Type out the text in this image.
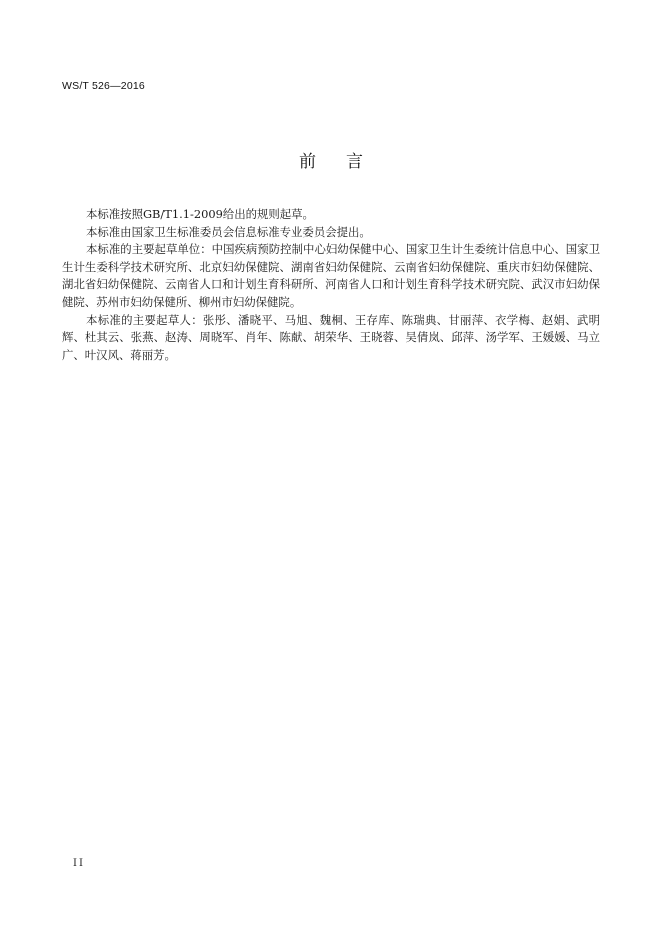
WS/T 526—2016
前 言

本标准按照GB/T1.1-2009给出的规则起草。

本标准由国家卫生标准委员会信息标准专业委员会提出。

本标准的主要起草单位：中国疾病预防控制中心妇幼保健中心、国家卫生计生委统计信息中心、国家卫生计生委科学技术研究所、北京妇幼保健院、湖南省妇幼保健院、云南省妇幼保健院、重庆市妇幼保健院、湖北省妇幼保健院、云南省人口和计划生育科研所、河南省人口和计划生育科学技术研究院、武汉市妇幼保健院、苏州市妇幼保健所、柳州市妇幼保健院。

本标准的主要起草人：张彤、潘晓平、马旭、魏桐、王存库、陈瑞典、甘丽萍、衣学梅、赵娟、武明辉、杜其云、张燕、赵涛、周晓军、肖年、陈献、胡荣华、王晓蓉、吴倩岚、邱萍、汤学军、王媛媛、马立广、叶汉风、蒋丽芳。

II
